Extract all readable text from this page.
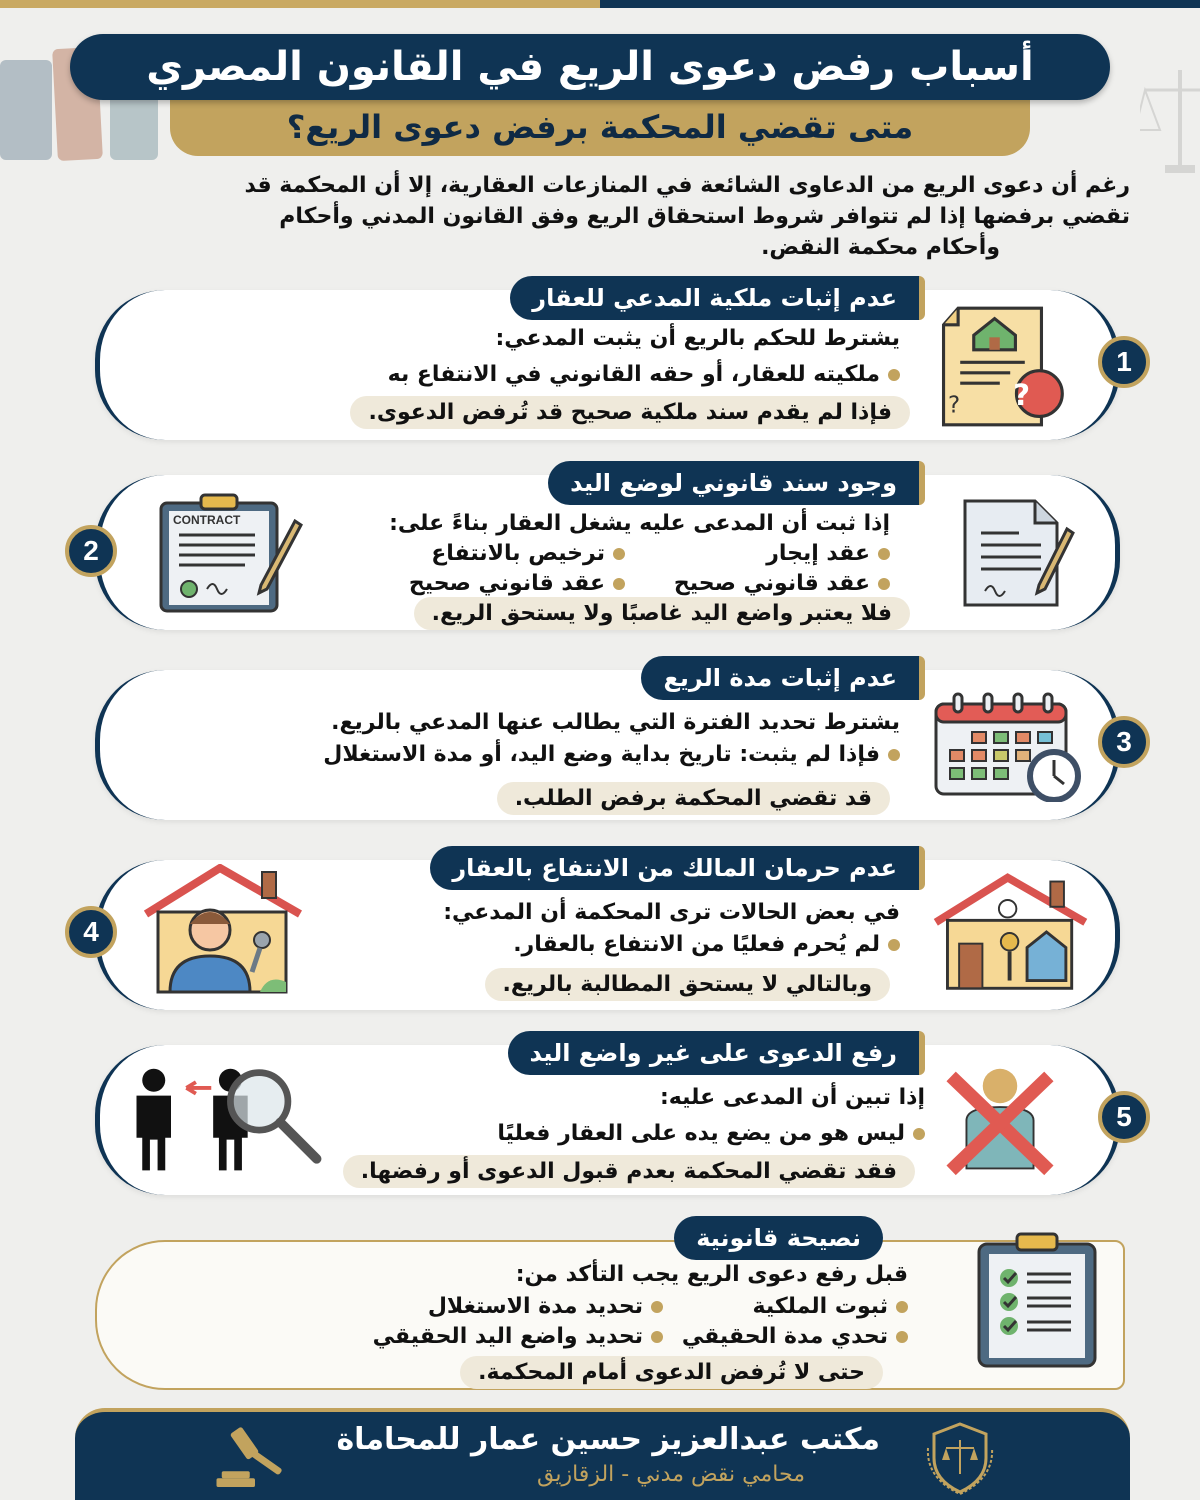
متى تقضي المحكمة برفض دعوى الريع؟
أسباب رفض دعوى الريع في القانون المصري
رغم أن دعوى الريع من الدعاوى الشائعة في المنازعات العقارية، إلا أن المحكمة قد
تقضي برفضها إذا لم تتوافر شروط استحقاق الريع وفق القانون المدني وأحكام
وأحكام محكمة النقض.
عدم إثبات ملكية المدعي للعقار
يشترط للحكم بالريع أن يثبت المدعي:
ملكيته للعقار، أو حقه القانوني في الانتفاع به
فإذا لم يقدم سند ملكية صحيح قد تُرفض الدعوى.	? ?
1
وجود سند قانوني لوضع اليد
إذا ثبت أن المدعى عليه يشغل العقار بناءً على:
عقد إيجار
ترخيص بالانتفاع
عقد قانوني صحيح
عقد قانوني صحيح
فلا يعتبر واضع اليد غاصبًا ولا يستحق الريع.
CONTRACT
2
عدم إثبات مدة الريع
يشترط تحديد الفترة التي يطالب عنها المدعي بالريع.
فإذا لم يثبت: تاريخ بداية وضع اليد، أو مدة الاستغلال
قد تقضي المحكمة برفض الطلب.
3
عدم حرمان المالك من الانتفاع بالعقار
في بعض الحالات ترى المحكمة أن المدعي:
لم يُحرم فعليًا من الانتفاع بالعقار.
وبالتالي لا يستحق المطالبة بالريع.
4
رفع الدعوى على غير واضع اليد
إذا تبين أن المدعى عليه:
ليس هو من يضع يده على العقار فعليًا
فقد تقضي المحكمة بعدم قبول الدعوى أو رفضها.
5
نصيحة قانونية
قبل رفع دعوى الريع يجب التأكد من:
ثبوت الملكية
تحديد مدة الاستغلال
تحدي مدة الحقيقي
تحديد واضع اليد الحقيقي
حتى لا تُرفض الدعوى أمام المحكمة.
مكتب عبدالعزيز حسين عمار للمحاماة
محامي نقض مدني - الزقازيق
